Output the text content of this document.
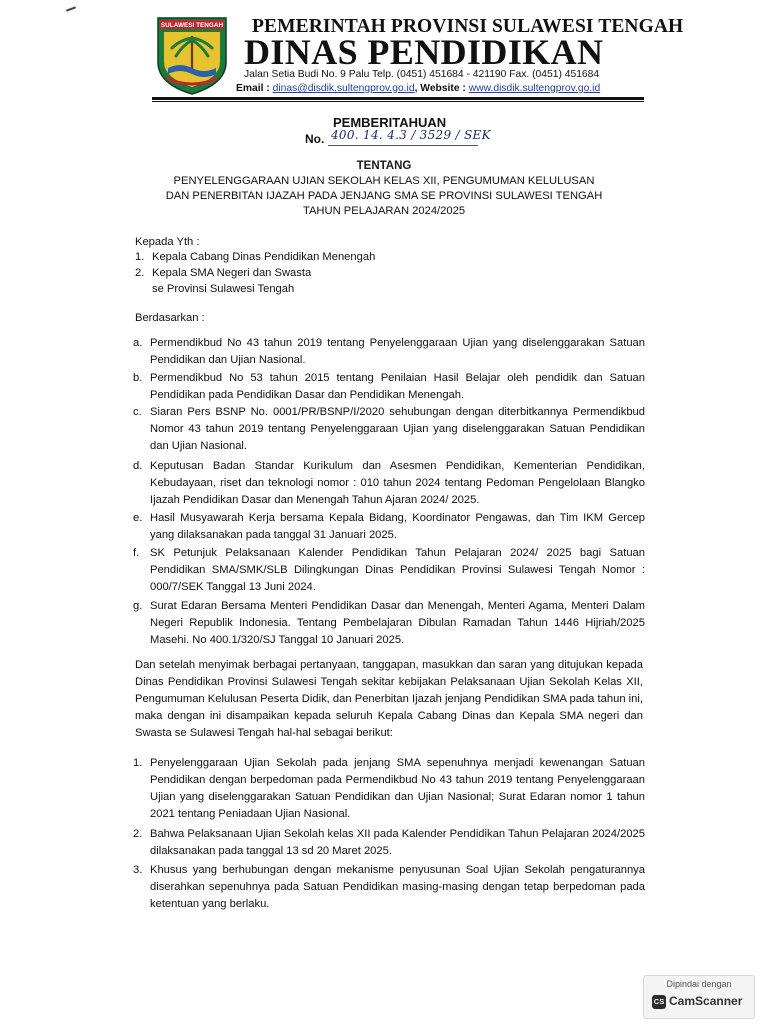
SULAWESI TENGAH PEMERINTAH PROVINSI SULAWESI TENGAH
DINAS PENDIDIKAN
Jalan Setia Budi No. 9 Palu Telp. (0451) 451684 - 421190 Fax. (0451) 451684
Email : dinas@disdik.sultengprov.go.id, Website : www.disdik.sultengprov.go.id
PEMBERITAHUAN
No. 400. 14. 4.3 / 3529 / SEK
TENTANG
PENYELENGGARAAN UJIAN SEKOLAH KELAS XII, PENGUMUMAN KELULUSAN
DAN PENERBITAN IJAZAH PADA JENJANG SMA SE PROVINSI SULAWESI TENGAH
TAHUN PELAJARAN 2024/2025
Kepada Yth :
1. Kepala Cabang Dinas Pendidikan Menengah
2. Kepala SMA Negeri dan Swasta
se Provinsi Sulawesi Tengah
Berdasarkan :
a. Permendikbud No 43 tahun 2019 tentang Penyelenggaraan Ujian yang diselenggarakan Satuan Pendidikan dan Ujian Nasional.
b. Permendikbud No 53 tahun 2015 tentang Penilaian Hasil Belajar oleh pendidik dan Satuan Pendidikan pada Pendidikan Dasar dan Pendidikan Menengah.
c. Siaran Pers BSNP No. 0001/PR/BSNP/I/2020 sehubungan dengan diterbitkannya Permendikbud Nomor 43 tahun 2019 tentang Penyelenggaraan Ujian yang diselenggarakan Satuan Pendidikan dan Ujian Nasional.
d. Keputusan Badan Standar Kurikulum dan Asesmen Pendidikan, Kementerian Pendidikan, Kebudayaan, riset dan teknologi nomor : 010 tahun 2024 tentang Pedoman Pengelolaan Blangko Ijazah Pendidikan Dasar dan Menengah Tahun Ajaran 2024/ 2025.
e. Hasil Musyawarah Kerja bersama Kepala Bidang, Koordinator Pengawas, dan Tim IKM Gercep yang dilaksanakan pada tanggal 31 Januari 2025.
f. SK Petunjuk Pelaksanaan Kalender Pendidikan Tahun Pelajaran 2024/ 2025 bagi Satuan Pendidikan SMA/SMK/SLB Dilingkungan Dinas Pendidikan Provinsi Sulawesi Tengah Nomor : 000/7/SEK Tanggal 13 Juni 2024.
g. Surat Edaran Bersama Menteri Pendidikan Dasar dan Menengah, Menteri Agama, Menteri Dalam Negeri Republik Indonesia. Tentang Pembelajaran Dibulan Ramadan Tahun 1446 Hijriah/2025 Masehi. No 400.1/320/SJ Tanggal 10 Januari 2025.
Dan setelah menyimak berbagai pertanyaan, tanggapan, masukkan dan saran yang ditujukan kepada Dinas Pendidikan Provinsi Sulawesi Tengah sekitar kebijakan Pelaksanaan Ujian Sekolah Kelas XII, Pengumuman Kelulusan Peserta Didik, dan Penerbitan Ijazah jenjang Pendidikan SMA pada tahun ini, maka dengan ini disampaikan kepada seluruh Kepala Cabang Dinas dan Kepala SMA negeri dan Swasta se Sulawesi Tengah hal-hal sebagai berikut:
1. Penyelenggaraan Ujian Sekolah pada jenjang SMA sepenuhnya menjadi kewenangan Satuan Pendidikan dengan berpedoman pada Permendikbud No 43 tahun 2019 tentang Penyelenggaraan Ujian yang diselenggarakan Satuan Pendidikan dan Ujian Nasional; Surat Edaran nomor 1 tahun 2021 tentang Peniadaan Ujian Nasional.
2. Bahwa Pelaksanaan Ujian Sekolah kelas XII pada Kalender Pendidikan Tahun Pelajaran 2024/2025 dilaksanakan pada tanggal 13 sd 20 Maret 2025.
3. Khusus yang berhubungan dengan mekanisme penyusunan Soal Ujian Sekolah pengaturannya diserahkan sepenuhnya pada Satuan Pendidikan masing-masing dengan tetap berpedoman pada ketentuan yang berlaku.
Dipindai dengan
CS CamScanner
